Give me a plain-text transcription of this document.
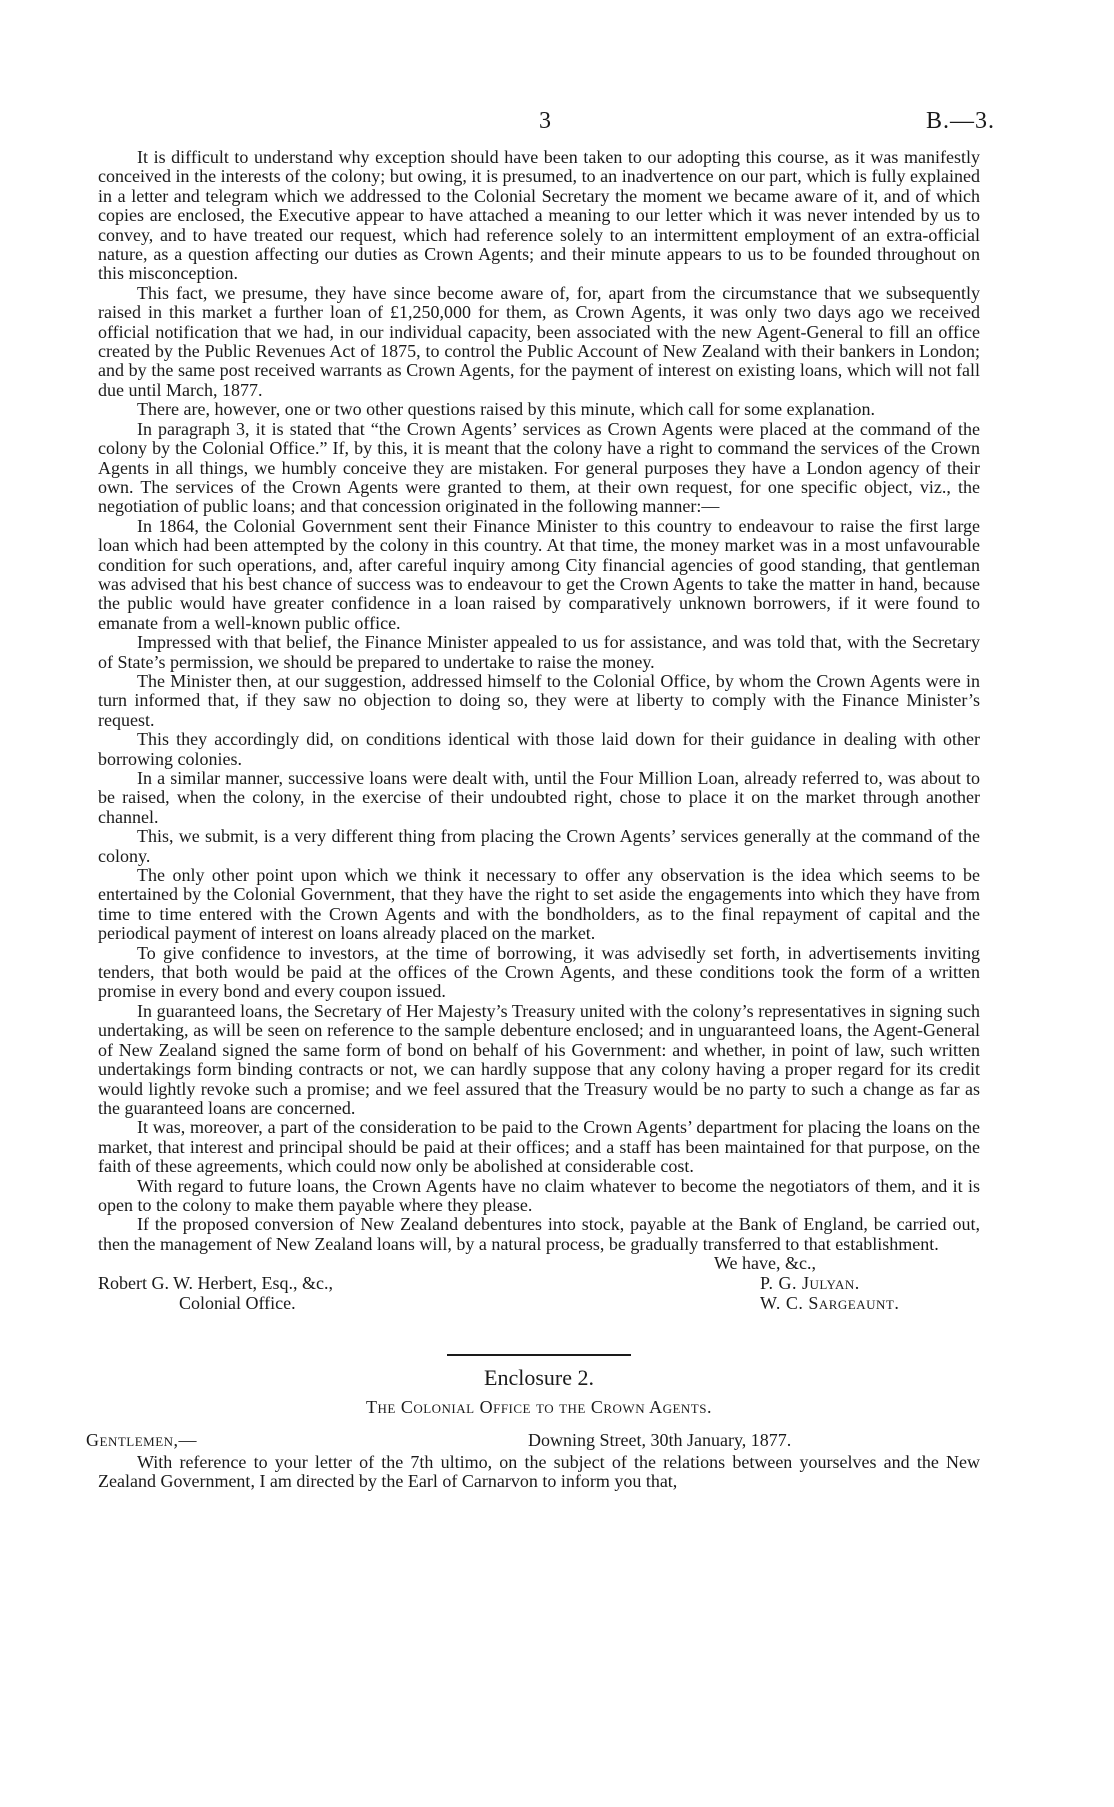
3	B.—3.

It is difficult to understand why exception should have been taken to our adopting this course, as it was manifestly conceived in the interests of the colony; but owing, it is presumed, to an inadvertence on our part, which is fully explained in a letter and telegram which we addressed to the Colonial Secretary the moment we became aware of it, and of which copies are enclosed, the Executive appear to have attached a meaning to our letter which it was never intended by us to convey, and to have treated our request, which had reference solely to an intermittent employment of an extra-official nature, as a question affecting our duties as Crown Agents; and their minute appears to us to be founded throughout on this misconception.

This fact, we presume, they have since become aware of, for, apart from the circumstance that we subsequently raised in this market a further loan of £1,250,000 for them, as Crown Agents, it was only two days ago we received official notification that we had, in our individual capacity, been associated with the new Agent-General to fill an office created by the Public Revenues Act of 1875, to control the Public Account of New Zealand with their bankers in London; and by the same post received warrants as Crown Agents, for the payment of interest on existing loans, which will not fall due until March, 1877.

There are, however, one or two other questions raised by this minute, which call for some explanation.

In paragraph 3, it is stated that “the Crown Agents’ services as Crown Agents were placed at the command of the colony by the Colonial Office.” If, by this, it is meant that the colony have a right to command the services of the Crown Agents in all things, we humbly conceive they are mistaken. For general purposes they have a London agency of their own. The services of the Crown Agents were granted to them, at their own request, for one specific object, viz., the negotiation of public loans; and that concession originated in the following manner:—

In 1864, the Colonial Government sent their Finance Minister to this country to endeavour to raise the first large loan which had been attempted by the colony in this country. At that time, the money market was in a most unfavourable condition for such operations, and, after careful inquiry among City financial agencies of good standing, that gentleman was advised that his best chance of success was to endeavour to get the Crown Agents to take the matter in hand, because the public would have greater confidence in a loan raised by comparatively unknown borrowers, if it were found to emanate from a well-known public office.

Impressed with that belief, the Finance Minister appealed to us for assistance, and was told that, with the Secretary of State’s permission, we should be prepared to undertake to raise the money.

The Minister then, at our suggestion, addressed himself to the Colonial Office, by whom the Crown Agents were in turn informed that, if they saw no objection to doing so, they were at liberty to comply with the Finance Minister’s request.

This they accordingly did, on conditions identical with those laid down for their guidance in dealing with other borrowing colonies.

In a similar manner, successive loans were dealt with, until the Four Million Loan, already referred to, was about to be raised, when the colony, in the exercise of their undoubted right, chose to place it on the market through another channel.

This, we submit, is a very different thing from placing the Crown Agents’ services generally at the command of the colony.

The only other point upon which we think it necessary to offer any observation is the idea which seems to be entertained by the Colonial Government, that they have the right to set aside the engagements into which they have from time to time entered with the Crown Agents and with the bondholders, as to the final repayment of capital and the periodical payment of interest on loans already placed on the market.

To give confidence to investors, at the time of borrowing, it was advisedly set forth, in advertisements inviting tenders, that both would be paid at the offices of the Crown Agents, and these conditions took the form of a written promise in every bond and every coupon issued.

In guaranteed loans, the Secretary of Her Majesty’s Treasury united with the colony’s representatives in signing such undertaking, as will be seen on reference to the sample debenture enclosed; and in unguaranteed loans, the Agent-General of New Zealand signed the same form of bond on behalf of his Government: and whether, in point of law, such written undertakings form binding contracts or not, we can hardly suppose that any colony having a proper regard for its credit would lightly revoke such a promise; and we feel assured that the Treasury would be no party to such a change as far as the guaranteed loans are concerned.

It was, moreover, a part of the consideration to be paid to the Crown Agents’ department for placing the loans on the market, that interest and principal should be paid at their offices; and a staff has been maintained for that purpose, on the faith of these agreements, which could now only be abolished at considerable cost.

With regard to future loans, the Crown Agents have no claim whatever to become the negotiators of them, and it is open to the colony to make them payable where they please.

If the proposed conversion of New Zealand debentures into stock, payable at the Bank of England, be carried out, then the management of New Zealand loans will, by a natural process, be gradually transferred to that establishment.

We have, &c.,
Robert G. W. Herbert, Esq., &c.,
Colonial Office.
P. G. Julyan.
W. C. Sargeaunt.
Enclosure 2.
The Colonial Office to the Crown Agents.
Gentlemen,—	Downing Street, 30th January, 1877.

With reference to your letter of the 7th ultimo, on the subject of the relations between yourselves and the New Zealand Government, I am directed by the Earl of Carnarvon to inform you that,
